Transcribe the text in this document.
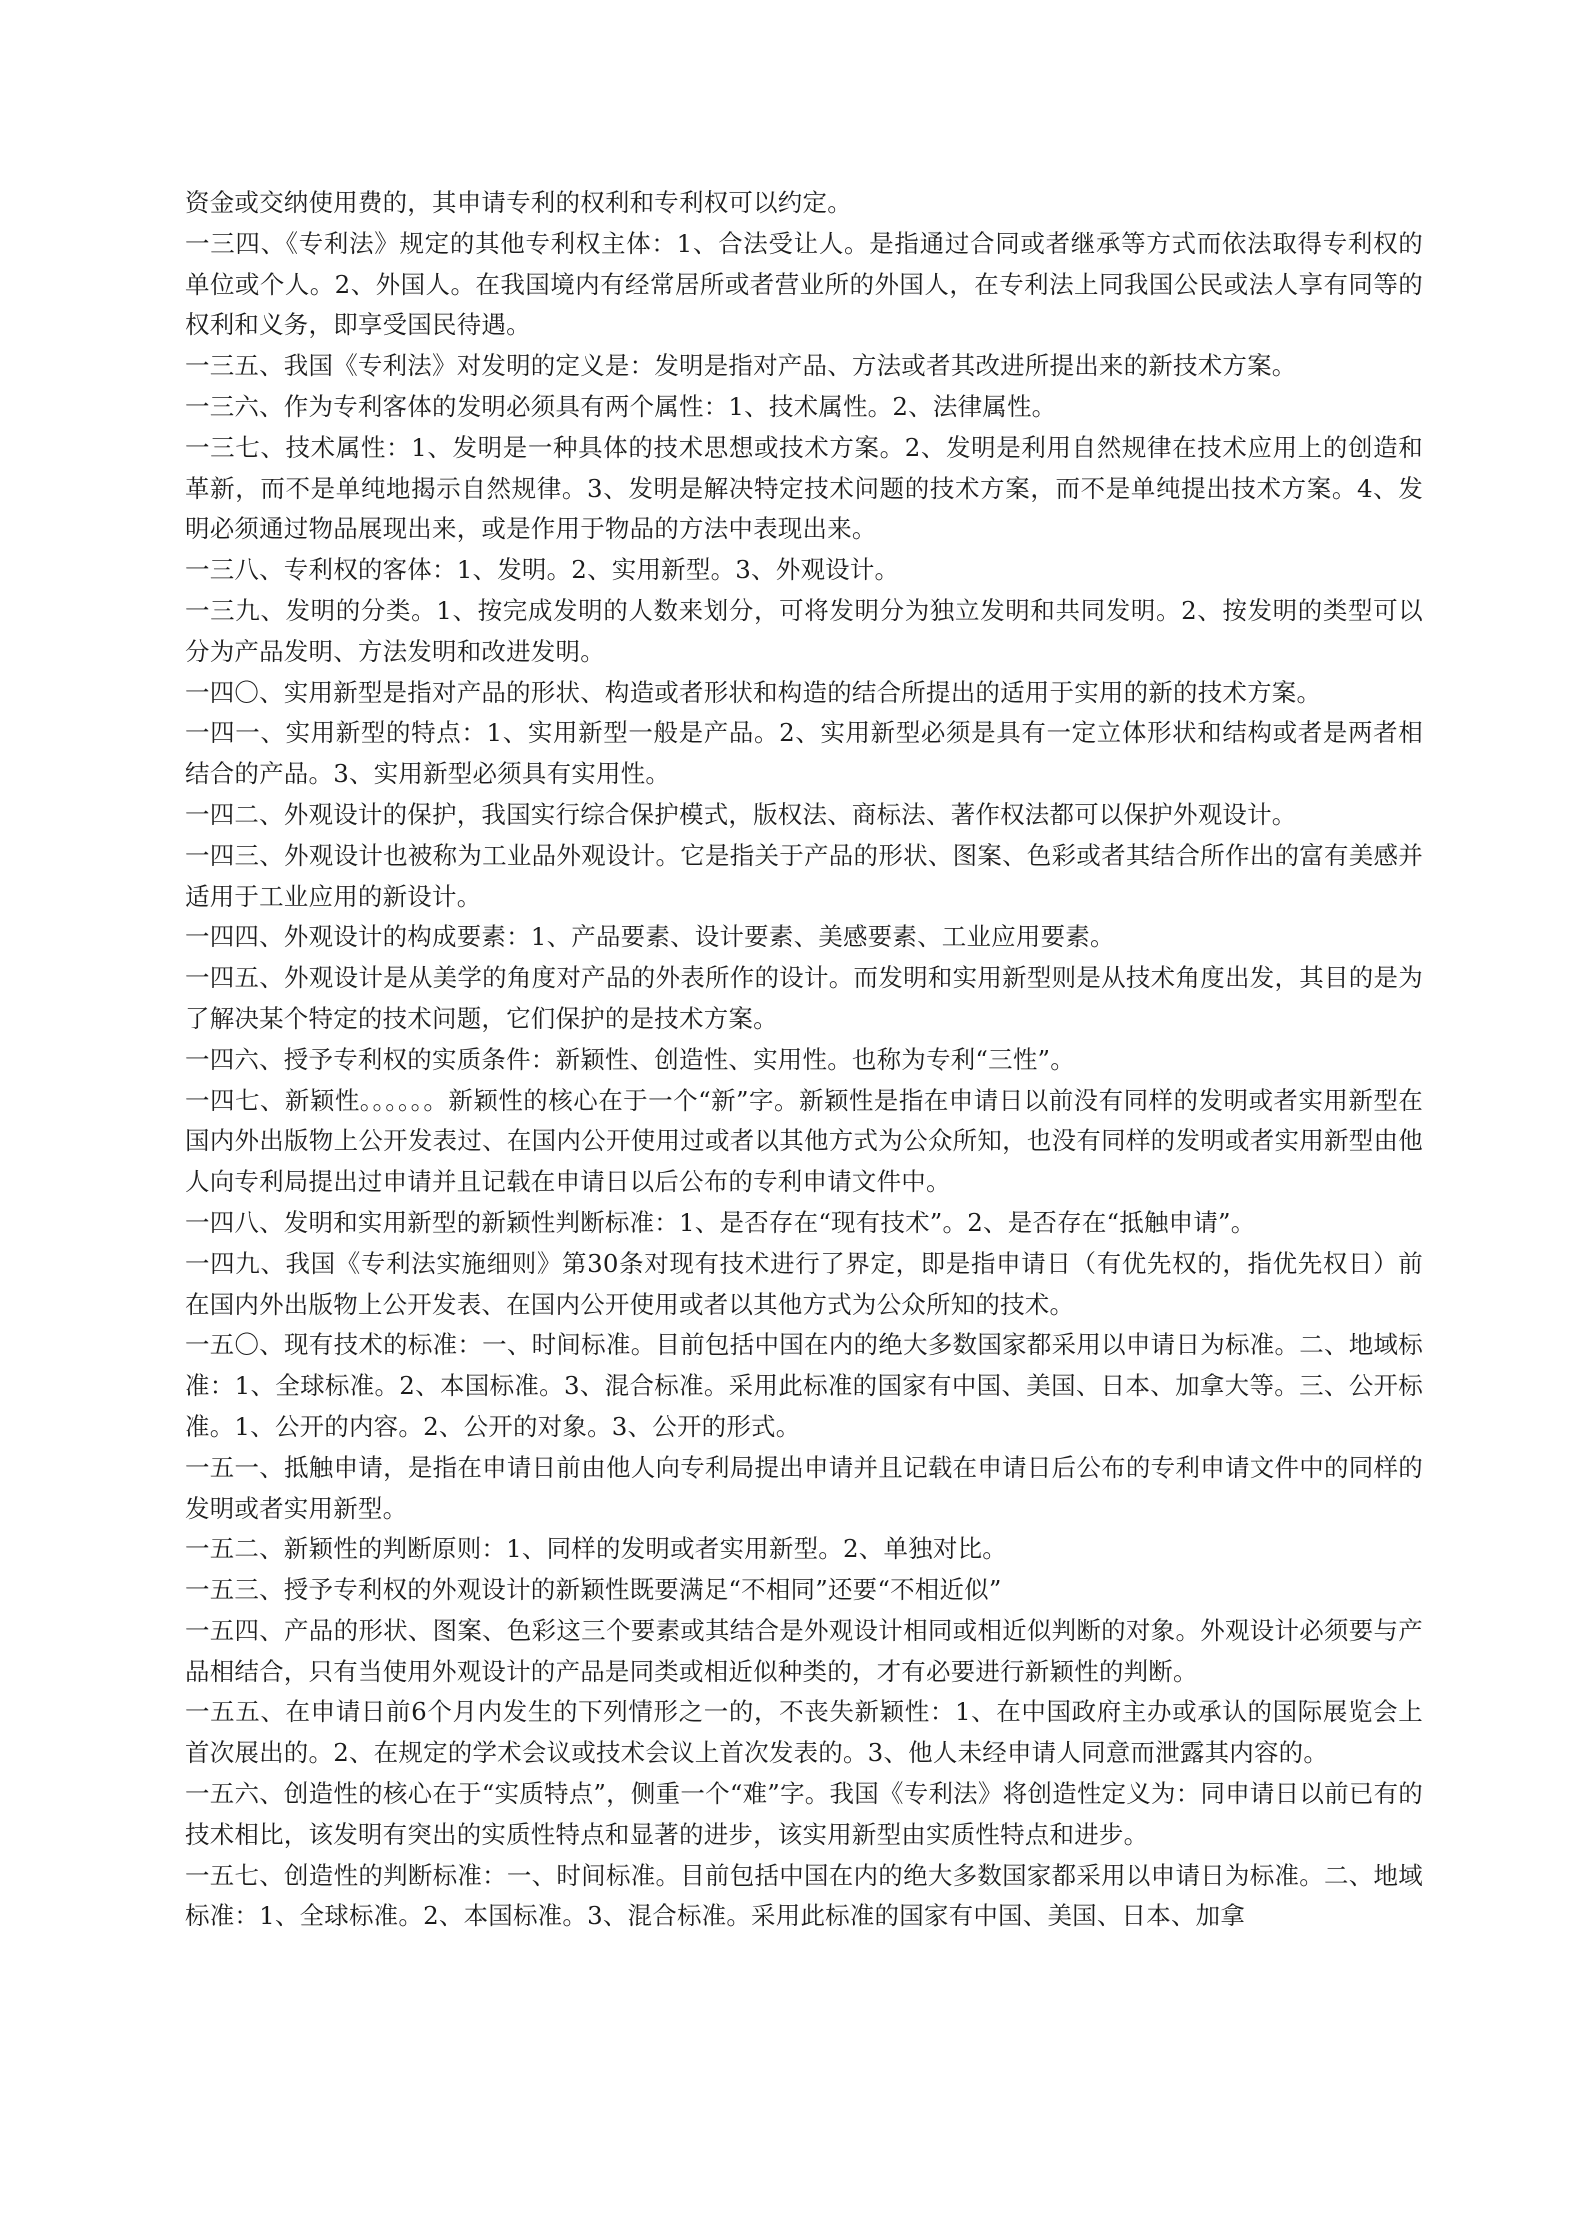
资金或交纳使用费的，其申请专利的权利和专利权可以约定。

一三四、《专利法》规定的其他专利权主体：1、合法受让人。是指通过合同或者继承等方式而依法取得专利权的单位或个人。2、外国人。在我国境内有经常居所或者营业所的外国人，在专利法上同我国公民或法人享有同等的权利和义务，即享受国民待遇。

一三五、我国《专利法》对发明的定义是：发明是指对产品、方法或者其改进所提出来的新技术方案。

一三六、作为专利客体的发明必须具有两个属性：1、技术属性。2、法律属性。

一三七、技术属性：1、发明是一种具体的技术思想或技术方案。2、发明是利用自然规律在技术应用上的创造和革新，而不是单纯地揭示自然规律。3、发明是解决特定技术问题的技术方案，而不是单纯提出技术方案。4、发明必须通过物品展现出来，或是作用于物品的方法中表现出来。

一三八、专利权的客体：1、发明。2、实用新型。3、外观设计。

一三九、发明的分类。1、按完成发明的人数来划分，可将发明分为独立发明和共同发明。2、按发明的类型可以分为产品发明、方法发明和改进发明。

一四〇、实用新型是指对产品的形状、构造或者形状和构造的结合所提出的适用于实用的新的技术方案。

一四一、实用新型的特点：1、实用新型一般是产品。2、实用新型必须是具有一定立体形状和结构或者是两者相结合的产品。3、实用新型必须具有实用性。

一四二、外观设计的保护，我国实行综合保护模式，版权法、商标法、著作权法都可以保护外观设计。

一四三、外观设计也被称为工业品外观设计。它是指关于产品的形状、图案、色彩或者其结合所作出的富有美感并适用于工业应用的新设计。

一四四、外观设计的构成要素：1、产品要素、设计要素、美感要素、工业应用要素。

一四五、外观设计是从美学的角度对产品的外表所作的设计。而发明和实用新型则是从技术角度出发，其目的是为了解决某个特定的技术问题，它们保护的是技术方案。

一四六、授予专利权的实质条件：新颖性、创造性、实用性。也称为专利“三性”。

一四七、新颖性。。。。。。新颖性的核心在于一个“新”字。新颖性是指在申请日以前没有同样的发明或者实用新型在国内外出版物上公开发表过、在国内公开使用过或者以其他方式为公众所知，也没有同样的发明或者实用新型由他人向专利局提出过申请并且记载在申请日以后公布的专利申请文件中。

一四八、发明和实用新型的新颖性判断标准：1、是否存在“现有技术”。2、是否存在“抵触申请”。

一四九、我国《专利法实施细则》第30条对现有技术进行了界定，即是指申请日（有优先权的，指优先权日）前在国内外出版物上公开发表、在国内公开使用或者以其他方式为公众所知的技术。

一五〇、现有技术的标准：一、时间标准。目前包括中国在内的绝大多数国家都采用以申请日为标准。二、地域标准：1、全球标准。2、本国标准。3、混合标准。采用此标准的国家有中国、美国、日本、加拿大等。三、公开标准。1、公开的内容。2、公开的对象。3、公开的形式。

一五一、抵触申请，是指在申请日前由他人向专利局提出申请并且记载在申请日后公布的专利申请文件中的同样的发明或者实用新型。

一五二、新颖性的判断原则：1、同样的发明或者实用新型。2、单独对比。

一五三、授予专利权的外观设计的新颖性既要满足“不相同”还要“不相近似”

一五四、产品的形状、图案、色彩这三个要素或其结合是外观设计相同或相近似判断的对象。外观设计必须要与产品相结合，只有当使用外观设计的产品是同类或相近似种类的，才有必要进行新颖性的判断。

一五五、在申请日前6个月内发生的下列情形之一的，不丧失新颖性：1、在中国政府主办或承认的国际展览会上首次展出的。2、在规定的学术会议或技术会议上首次发表的。3、他人未经申请人同意而泄露其内容的。

一五六、创造性的核心在于“实质特点”，侧重一个“难”字。我国《专利法》将创造性定义为：同申请日以前已有的技术相比，该发明有突出的实质性特点和显著的进步，该实用新型由实质性特点和进步。

一五七、创造性的判断标准：一、时间标准。目前包括中国在内的绝大多数国家都采用以申请日为标准。二、地域标准：1、全球标准。2、本国标准。3、混合标准。采用此标准的国家有中国、美国、日本、加拿
